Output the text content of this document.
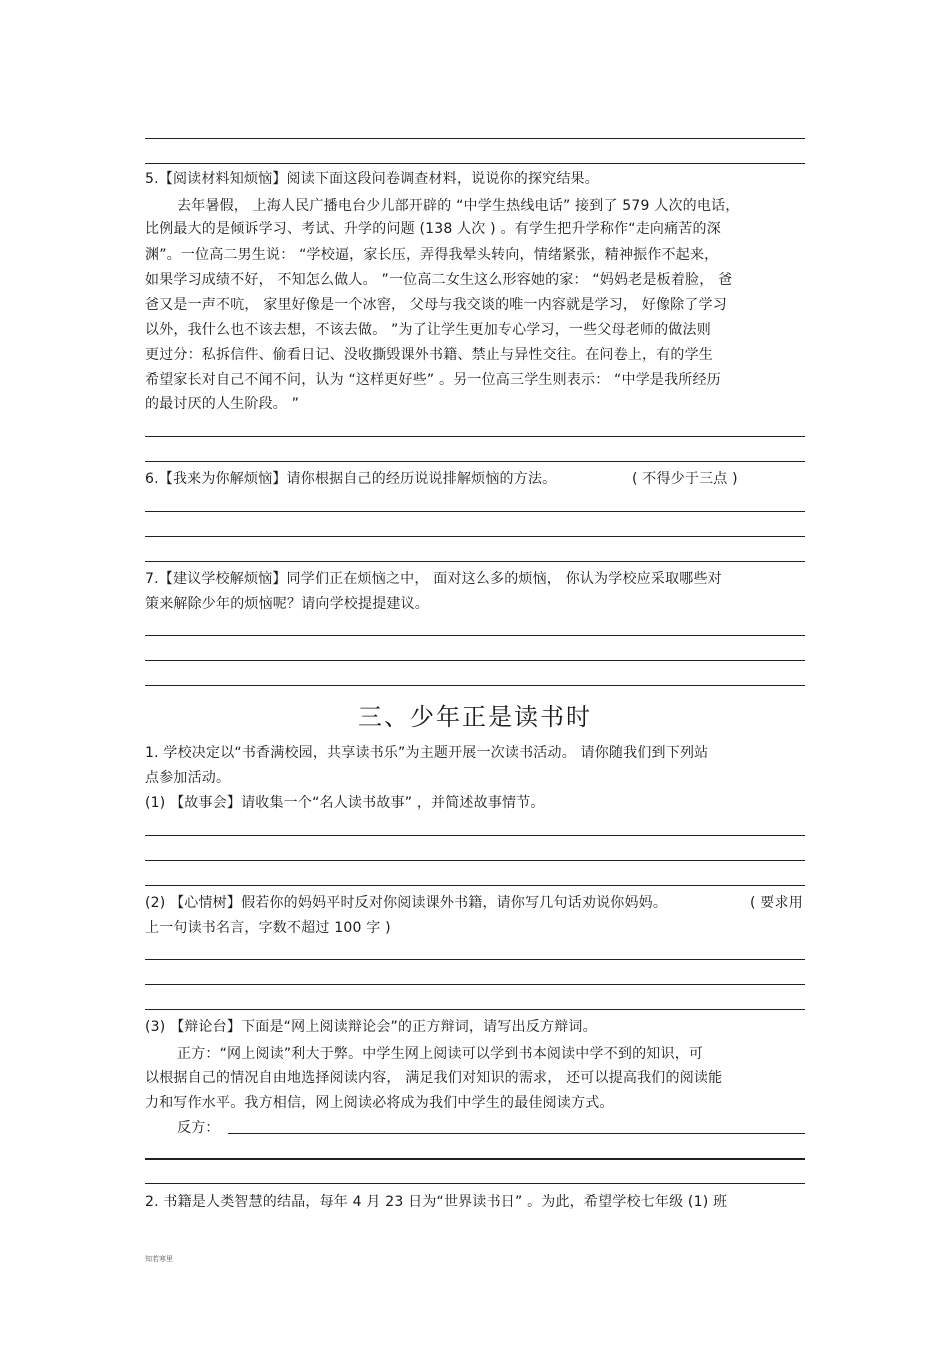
5.【阅读材料知烦恼】阅读下面这段问卷调查材料，说说你的探究结果。
去年暑假， 上海人民广播电台少儿部开辟的 “中学生热线电话” 接到了 579 人次的电话，
比例最大的是倾诉学习、考试、升学的问题 (138 人次 ) 。有学生把升学称作“走向痛苦的深
渊”。一位高二男生说： “学校逼，家长压，弄得我晕头转向，情绪紧张，精神振作不起来，
如果学习成绩不好， 不知怎么做人。 ”一位高二女生这么形容她的家： “妈妈老是板着脸， 爸
爸又是一声不吭， 家里好像是一个冰窖， 父母与我交谈的唯一内容就是学习， 好像除了学习
以外，我什么也不该去想，不该去做。 ”为了让学生更加专心学习，一些父母老师的做法则
更过分：私拆信件、偷看日记、没收撕毁课外书籍、禁止与异性交往。在问卷上，有的学生
希望家长对自己不闻不问，认为 “这样更好些” 。另一位高三学生则表示： “中学是我所经历
的最讨厌的人生阶段。 ”
6.【我来为你解烦恼】请你根据自己的经历说说排解烦恼的方法。	( 不得少于三点 )
7.【建议学校解烦恼】同学们正在烦恼之中， 面对这么多的烦恼， 你认为学校应采取哪些对
策来解除少年的烦恼呢？请向学校提提建议。
三、少年正是读书时
1. 学校决定以“书香满校园，共享读书乐”为主题开展一次读书活动。 请你随我们到下列站
点参加活动。
(1) 【故事会】请收集一个“名人读书故事” ，并简述故事情节。
(2) 【心情树】假若你的妈妈平时反对你阅读课外书籍，请你写几句话劝说你妈妈。	( 要求用
上一句读书名言，字数不超过 100 字 )
(3) 【辩论台】下面是“网上阅读辩论会”的正方辩词，请写出反方辩词。
正方：“网上阅读”利大于弊。中学生网上阅读可以学到书本阅读中学不到的知识，可
以根据自己的情况自由地选择阅读内容， 满足我们对知识的需求， 还可以提高我们的阅读能
力和写作水平。我方相信，网上阅读必将成为我们中学生的最佳阅读方式。
反方：
2. 书籍是人类智慧的结晶，每年 4 月 23 日为“世界读书日” 。为此，希望学校七年级 (1) 班
知若寒里
